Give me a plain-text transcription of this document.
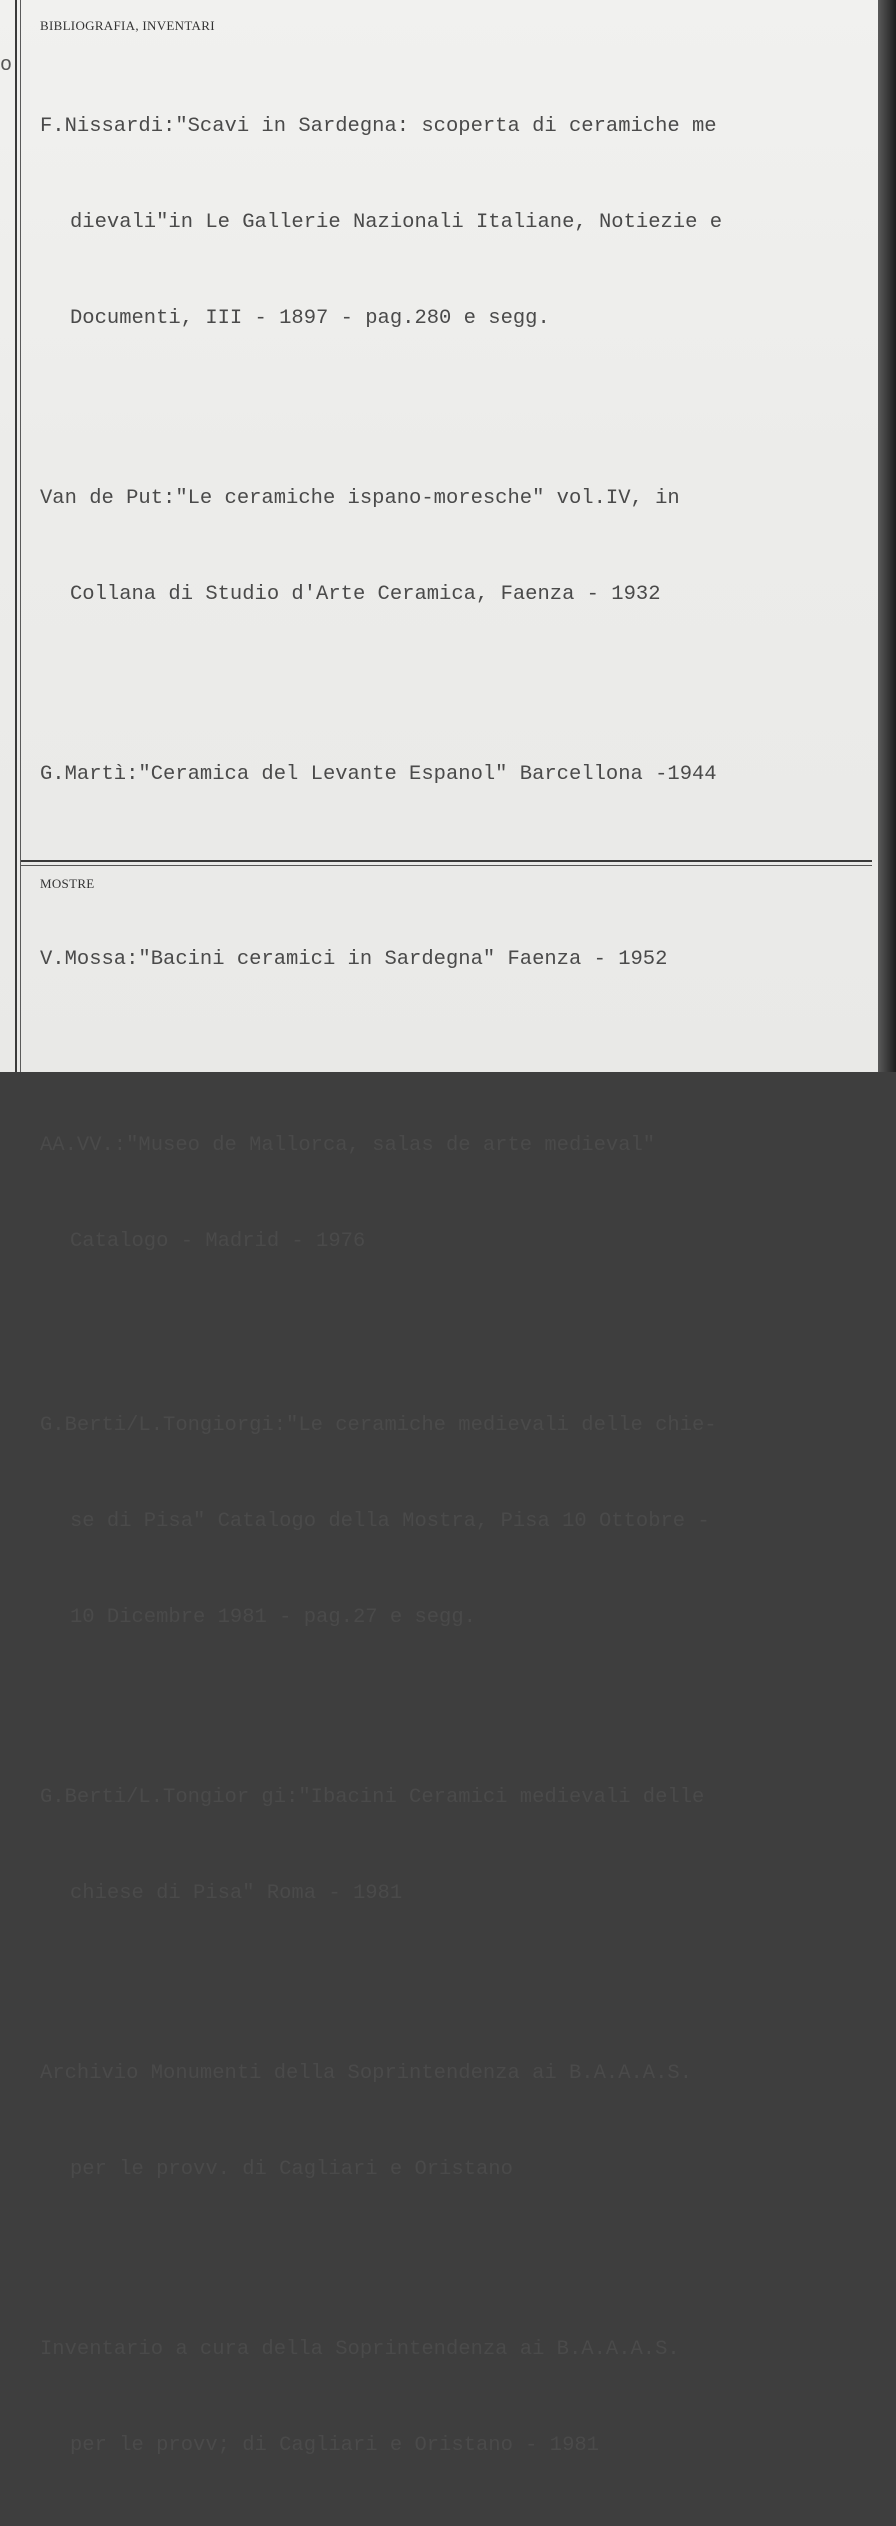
o
BIBLIOGRAFIA, INVENTARI

F.Nissardi:"Scavi in Sardegna: scoperta di ceramiche me

dievali"in Le Gallerie Nazionali Italiane, Notiezie e

Documenti, III - 1897 - pag.280 e segg.

Van de Put:"Le ceramiche ispano-moresche" vol.IV, in

Collana di Studio d'Arte Ceramica, Faenza - 1932

G.Martì:"Ceramica del Levante Espanol" Barcellona -1944

V.Mossa:"Bacini ceramici in Sardegna" Faenza - 1952

AA.VV.:"Museo de Mallorca, salas de arte medieval"

Catalogo - Madrid - 1976

G.Berti/L.Tongiorgi:"Le ceramiche medievali delle chie-

se di Pisa" Catalogo della Mostra, Pisa 10 Ottobre -

10 Dicembre 1981 - pag.27 e segg.

G.Berti/L.Tongior gi:"Ibacini Ceramici medievali delle

chiese di Pisa" Roma - 1981

Archivio Monumenti della Soprintendenza ai B.A.A.A.S.

per le provv. di Cagliari e Oristano

Inventario a cura della Soprintendenza ai B.A.A.A.S.

per le provv; di Cagliari e Oristano - 1981

MOSTRE
